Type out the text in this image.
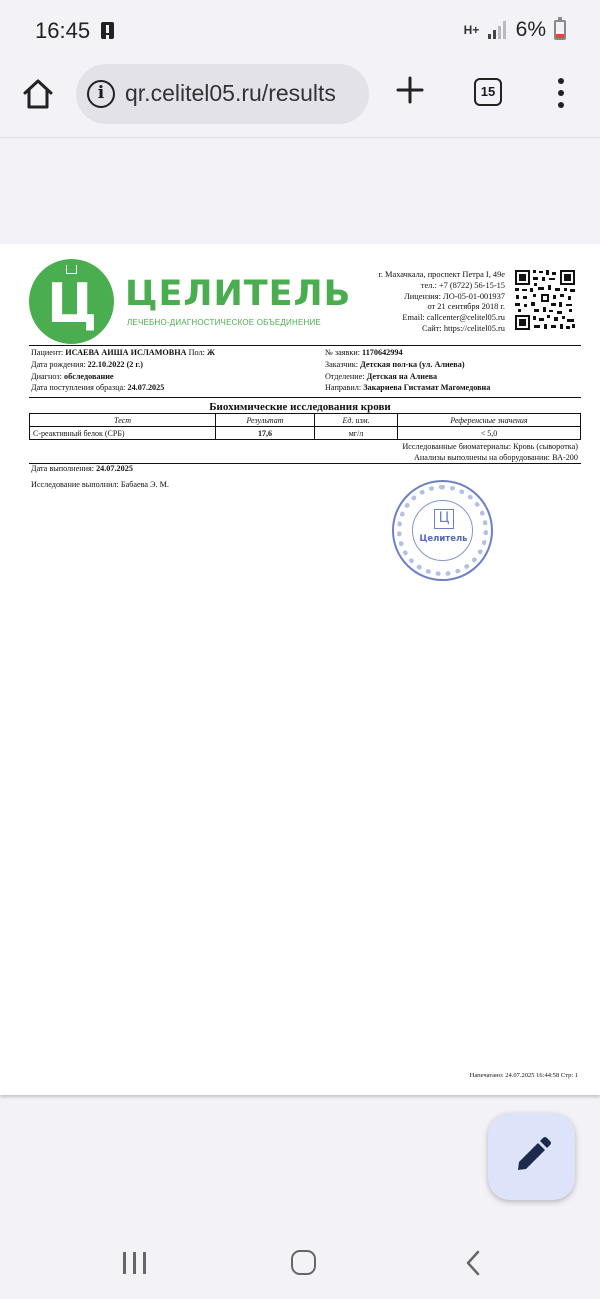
16:45	H+ 6%
i qr.celitel05.ru/results	15
Ц ЦЕЛИТЕЛЬ
ЛЕЧЕБНО-ДИАГНОСТИЧЕСКОЕ ОБЪЕДИНЕНИЕ
г. Махачкала, проспект Петра I, 49е
тел.: +7 (8722) 56-15-15
Лицензия: ЛО-05-01-001937
от 21 сентября 2018 г.
Email: callcenter@celitel05.ru
Сайт: https://celitel05.ru
Пациент: ИСАЕВА АИША ИСЛАМОВНА Пол: Ж
Дата рождения: 22.10.2022 (2 г.)
Диагноз: обследование
Дата поступления образца: 24.07.2025
№ заявки: 1170642994
Заказчик: Детская пол-ка (ул. Алиева)
Отделение: Детская на Алиева
Направил: Закариева Гистамат Магомедовна
Биохимические исследования крови
Тест	Результат	Ед. изм.	Референсные значения
С-реактивный белок (СРБ)	17,6	мг/л	< 5,0
Исследованные биоматериалы: Кровь (сыворотка)
Анализы выполнены на оборудовании: ВА-200
Дата выполнения: 24.07.2025
Исследование выполнил: Бабаева Э. М.
Ц
Целитель
Напечатано: 24.07.2025 16:44:58 Стр: 1
